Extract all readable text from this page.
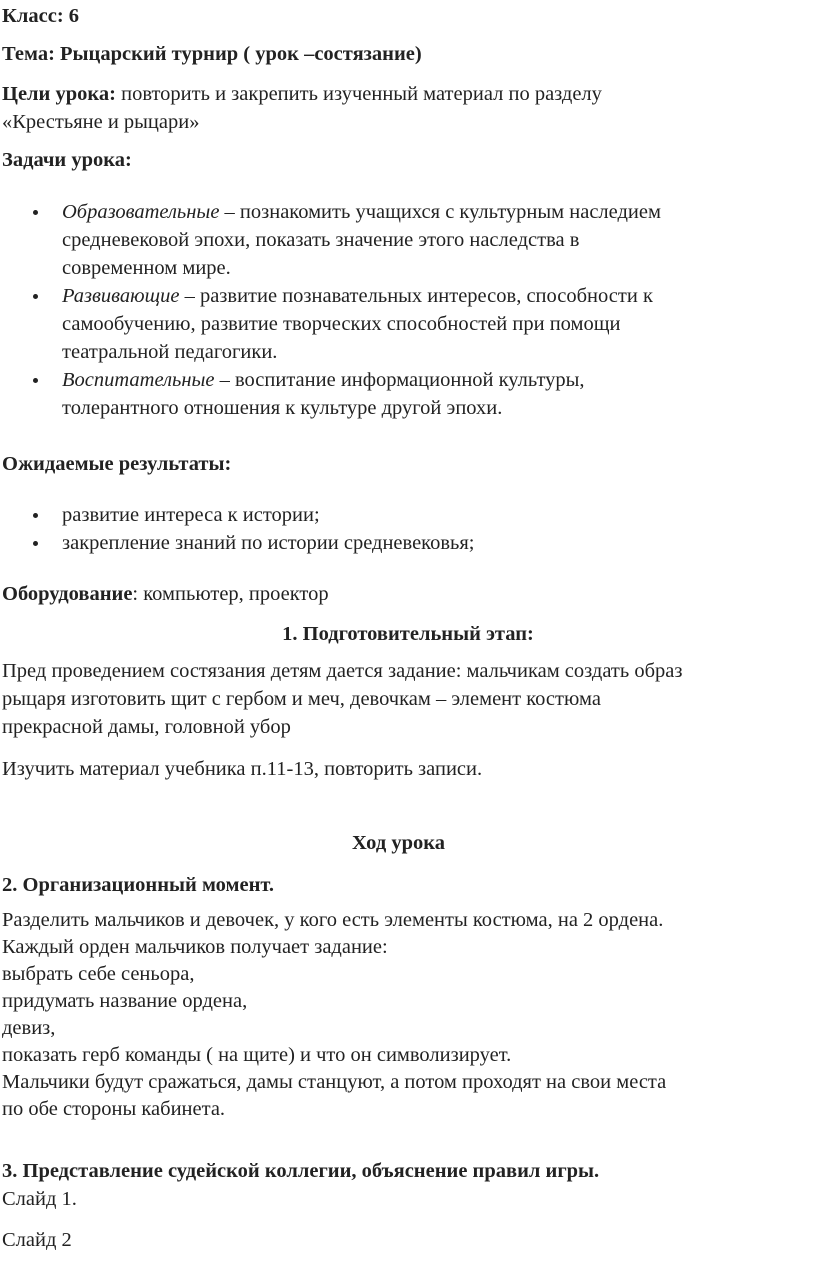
Класс: 6

Тема: Рыцарский турнир ( урок –состязание)

Цели урока: повторить и закрепить изученный материал по разделу
«Крестьяне и рыцари»

Задачи урока:

Образовательные – познакомить учащихся с культурным наследием
средневековой эпохи, показать значение этого наследства в
современном мире.
Развивающие – развитие познавательных интересов, способности к
самообучению, развитие творческих способностей при помощи
театральной педагогики.
Воспитательные – воспитание информационной культуры,
толерантного отношения к культуре другой эпохи.

Ожидаемые результаты:

развитие интереса к истории;
закрепление знаний по истории средневековья;

Оборудование: компьютер, проектор

1. Подготовительный этап:

Пред проведением состязания детям дается задание: мальчикам создать образ
рыцаря изготовить щит с гербом и меч, девочкам – элемент костюма
прекрасной дамы, головной убор

Изучить материал учебника п.11-13, повторить записи.

Ход урока

2. Организационный момент.

Разделить мальчиков и девочек, у кого есть элементы костюма, на 2 ордена.
Каждый орден мальчиков получает задание:
выбрать себе сеньора,
придумать название ордена,
девиз,
показать герб команды ( на щите) и что он символизирует.
Мальчики будут сражаться, дамы станцуют, а потом проходят на свои места
по обе стороны кабинета.

3. Представление судейской коллегии, объяснение правил игры.

Слайд 1.

Слайд 2
